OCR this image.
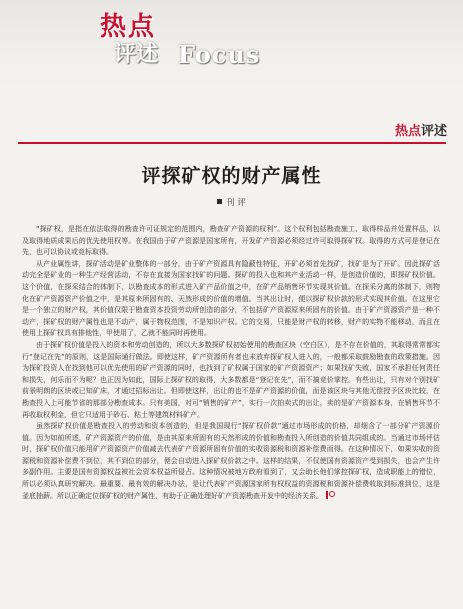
热点
评述 Focus
热点评述
评探矿权的财产属性
刊 评

“探矿权，是指在依法取得的勘查许可证规定的范围内，勘查矿产资源的权利”。这个权利包括勘查施工、取得样品并处置样品，以及取得地质成果后的优先使用权等。在我国由于矿产资源是国家所有，开发矿产资源必须经过许可取得探矿权。取得的方式可是登记在先，也可以协议或竞标取得。

从产业属性讲，探矿活动是矿业整体的一部分，由于矿产资源具有隐蔽性特征，开矿必须首先找矿，找矿是为了开矿。因此探矿活动完全是矿业的一种生产经营活动，不存在直接为国家找矿的问题。探矿的投入也和其产业活动一样，是创造价值的，即探矿权价值。这个价值，在探采结合的体制下，以勘查成本的形式进入矿产品价值之中，在矿产品销售环节实现其价值。在探采分离的体制下，则物化在矿产资源资产价值之中，是其原来所固有的、天然形成的价值的增值。当其出让时，便以探矿权价款的形式实现其价值。在这里它是一个独立的财产权，其价值仅限于勘查资本投资劳动所创造的部分，不包括矿产资源原来所固有的价值。由于矿产资源资产是一种不动产，探矿权的财产属性也是不动产，属于物权范围，不是知识产权。它的交易，只能是财产权的转移，财产的实物不能移动，而且在使用上探矿权具有排他性，甲使用了，乙就不能同时再使用。

由于探矿权价值是投入的资本和劳动创造的，所以大多数探矿权初始使用的勘查区块（空白区），是不存在价值的，其取得常常都实行“登记在先”的原则，这是国际通行做法。即使这样，矿产资源所有者也未放弃探矿权人进入的，一般都采取鼓励勘查的政策措施。因为探矿投资人在找到他可以优先使用的矿产资源的同时，也找到了矿权属于国家的矿产资源资产；如果找矿失败，国家不承担任何责任和损失，何乐而不为呢？也正因为如此，国际上探矿权的取得，大多数都是“登记在先”，而不搞竞价掌控。有些出让，只有对个别找矿前景明朗的区块或已知矿床，才通过招标出让。但即使这样，出让的也不是矿产资源的价值，而是该区块与其他无偿授予区块比较，在勘查投入上可能节省的那部分勘查成本。只有美国，对可“销售的矿产”，实行一次拍卖式的出让，卖的是矿产资源本身，在销售环节不再收取权利金，但它只适用于砂石、粘土等建筑材料矿产。

虽然探矿权价值是勘查投入的劳动和资本创造的，但是我国现行“探矿权价款”通过市场形成的价格，却细含了一部分矿产资源价值。因为如前所述，矿产资源资产的价值，是由其原来所固有的天然形成的价值和勘查投入所创造的价值共同组成的。当通过市场评估时，探矿权价值只能用矿产资源资产价值减去代表矿产资源所固有价值的实收资源税和资源补偿费而得。在这种情况下，如果实收的资源税和资源补偿费不到位，其不到位的部分，便会自动进入探矿权价款之中。这样的结果，不仅使国有资源资产受到损失，也会产生许多副作用。主要是国有资源权益被社会资本权益所侵占。这种情况被地方政府看到了，又会助长他们掌控探矿权，造成职能上的错位，所以必须认真研究解决。最重要、最有效的解决办法，是让代表矿产资源国家所有权权益的资源税和资源补偿费收取到标准到位，这是釜底抽薪。所以正确定位探矿权的财产属性，有助于正确处理好矿产资源勘查开发中的经济关系。
